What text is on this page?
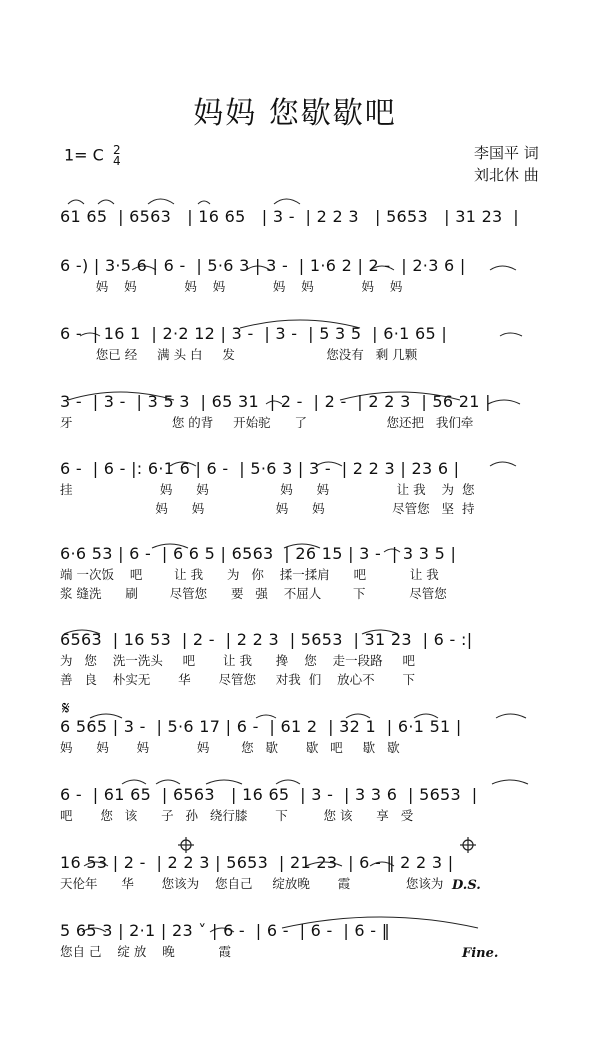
妈妈 您歇歇吧
1= C 2
4	李国平 词
刘北休 曲
𝄋
61 65  | 6563   | 16 65   | 3 -  | 2 2 3   | 5653   | 31 23  |
6 -) | 3·5 6 | 6 -  | 5·6 3 | 3 -  | 1·6 2 | 2 -  | 2·3 6 |
妈    妈            妈    妈            妈    妈            妈    妈
6 -  | 16 1  | 2·2 12 | 3 -  | 3 -  | 5 3 5  | 6·1 65 |
您已 经     满 头 白     发                       您没有   剩 几颗
3 -  | 3 -  | 3 5 3  | 65 31  | 2 -  | 2 -  | 2 2 3  | 56 21 |
牙                         您 的背     开始驼      了                    您还把   我们牵
6 -  | 6 - |: 6·1 6 | 6 -  | 5·6 3 | 3 -  | 2 2 3 | 23 6 |
挂                      妈      妈                  妈      妈                 让 我    为  您
妈      妈                  妈      妈                 尽管您   坚  持
6·6 53 | 6 -  | 6 6 5 | 6563  | 26 15 | 3 -  | 3 3 5 |
端 一次饭    吧        让 我      为   你    揉一揉肩      吧           让 我
浆 缝洗      刷        尽管您      要   强    不屈人        下           尽管您
6563  | 16 53  | 2 -  | 2 2 3  | 5653  | 31 23  | 6 - :|
为   您    洗一洗头     吧       让 我      搀    您    走一段路     吧
善   良    朴实无       华       尽管您     对我  们    放心不       下
6 565 | 3 -  | 5·6 17 | 6 -  | 61 2  | 32 1  | 6·1 51 |
妈      妈       妈            妈        您   歇       歇   吧     歇   歇
6 -  | 61 65  | 6563   | 16 65  | 3 -  | 3 3 6  | 5653  |
吧       您   该      子   孙   绕行膝       下         您 该      享   受
16 53 | 2 -  | 2 2 3 | 5653  | 21 23  | 6 - ‖ 2 2 3 |
天伦年      华       您该为    您自己     绽放晚       霞              您该为
5 65 3 | 2·1 | 23 ˅ | 6 -  | 6 -  | 6 -  | 6 - ‖
您自 己    绽 放    晚           霞
D.S.
Fine.
